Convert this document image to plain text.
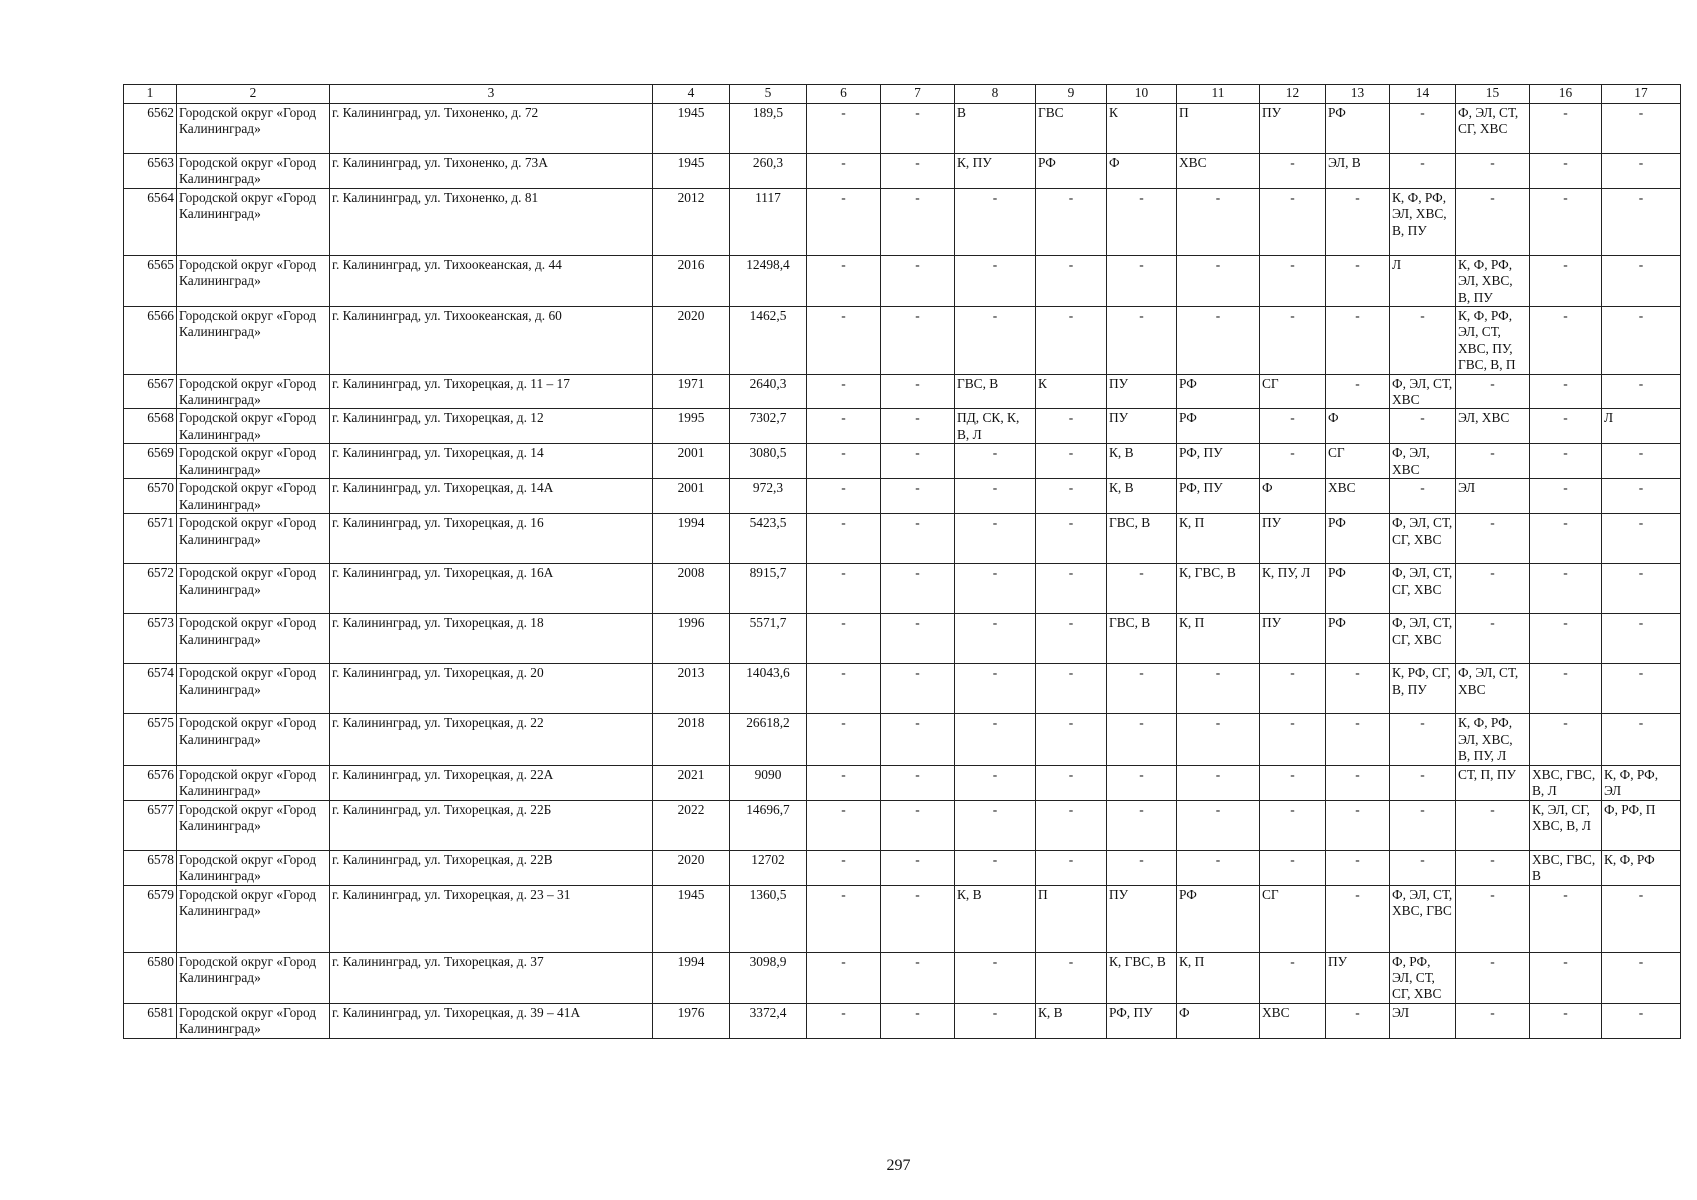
1	2	3	4	5	6	7	8	9	10	11	12	13	14	15	16	17
6562	Городской округ «Город Калининград»	г. Калининград, ул. Тихоненко, д. 72	1945	189,5	-	-	В	ГВС	К	П	ПУ	РФ	-	Ф, ЭЛ, СТ, СГ, ХВС	-	-
6563	Городской округ «Город Калининград»	г. Калининград, ул. Тихоненко, д. 73А	1945	260,3	-	-	К, ПУ	РФ	Ф	ХВС	-	ЭЛ, В	-	-	-	-
6564	Городской округ «Город Калининград»	г. Калининград, ул. Тихоненко, д. 81	2012	1117	-	-	-	-	-	-	-	-	К, Ф, РФ, ЭЛ, ХВС, В, ПУ	-	-	-
6565	Городской округ «Город Калининград»	г. Калининград, ул. Тихоокеанская, д. 44	2016	12498,4	-	-	-	-	-	-	-	-	Л	К, Ф, РФ, ЭЛ, ХВС, В, ПУ	-	-
6566	Городской округ «Город Калининград»	г. Калининград, ул. Тихоокеанская, д. 60	2020	1462,5	-	-	-	-	-	-	-	-	-	К, Ф, РФ, ЭЛ, СТ, ХВС, ПУ, ГВС, В, П	-	-
6567	Городской округ «Город Калининград»	г. Калининград, ул. Тихорецкая, д. 11 – 17	1971	2640,3	-	-	ГВС, В	К	ПУ	РФ	СГ	-	Ф, ЭЛ, СТ, ХВС	-	-	-
6568	Городской округ «Город Калининград»	г. Калининград, ул. Тихорецкая, д. 12	1995	7302,7	-	-	ПД, СК, К, В, Л	-	ПУ	РФ	-	Ф	-	ЭЛ, ХВС	-	Л
6569	Городской округ «Город Калининград»	г. Калининград, ул. Тихорецкая, д. 14	2001	3080,5	-	-	-	-	К, В	РФ, ПУ	-	СГ	Ф, ЭЛ, ХВС	-	-	-
6570	Городской округ «Город Калининград»	г. Калининград, ул. Тихорецкая, д. 14А	2001	972,3	-	-	-	-	К, В	РФ, ПУ	Ф	ХВС	-	ЭЛ	-	-
6571	Городской округ «Город Калининград»	г. Калининград, ул. Тихорецкая, д. 16	1994	5423,5	-	-	-	-	ГВС, В	К, П	ПУ	РФ	Ф, ЭЛ, СТ, СГ, ХВС	-	-	-
6572	Городской округ «Город Калининград»	г. Калининград, ул. Тихорецкая, д. 16А	2008	8915,7	-	-	-	-	-	К, ГВС, В	К, ПУ, Л	РФ	Ф, ЭЛ, СТ, СГ, ХВС	-	-	-
6573	Городской округ «Город Калининград»	г. Калининград, ул. Тихорецкая, д. 18	1996	5571,7	-	-	-	-	ГВС, В	К, П	ПУ	РФ	Ф, ЭЛ, СТ, СГ, ХВС	-	-	-
6574	Городской округ «Город Калининград»	г. Калининград, ул. Тихорецкая, д. 20	2013	14043,6	-	-	-	-	-	-	-	-	К, РФ, СГ, В, ПУ	Ф, ЭЛ, СТ, ХВС	-	-
6575	Городской округ «Город Калининград»	г. Калининград, ул. Тихорецкая, д. 22	2018	26618,2	-	-	-	-	-	-	-	-	-	К, Ф, РФ, ЭЛ, ХВС, В, ПУ, Л	-	-
6576	Городской округ «Город Калининград»	г. Калининград, ул. Тихорецкая, д. 22А	2021	9090	-	-	-	-	-	-	-	-	-	СТ, П, ПУ	ХВС, ГВС, В, Л	К, Ф, РФ, ЭЛ
6577	Городской округ «Город Калининград»	г. Калининград, ул. Тихорецкая, д. 22Б	2022	14696,7	-	-	-	-	-	-	-	-	-	-	К, ЭЛ, СГ, ХВС, В, Л	Ф, РФ, П
6578	Городской округ «Город Калининград»	г. Калининград, ул. Тихорецкая, д. 22В	2020	12702	-	-	-	-	-	-	-	-	-	-	ХВС, ГВС, В	К, Ф, РФ
6579	Городской округ «Город Калининград»	г. Калининград, ул. Тихорецкая, д. 23 – 31	1945	1360,5	-	-	К, В	П	ПУ	РФ	СГ	-	Ф, ЭЛ, СТ, ХВС, ГВС	-	-	-
6580	Городской округ «Город Калининград»	г. Калининград, ул. Тихорецкая, д. 37	1994	3098,9	-	-	-	-	К, ГВС, В	К, П	-	ПУ	Ф, РФ, ЭЛ, СТ, СГ, ХВС	-	-	-
6581	Городской округ «Город Калининград»	г. Калининград, ул. Тихорецкая, д. 39 – 41А	1976	3372,4	-	-	-	К, В	РФ, ПУ	Ф	ХВС	-	ЭЛ	-	-	-
297
